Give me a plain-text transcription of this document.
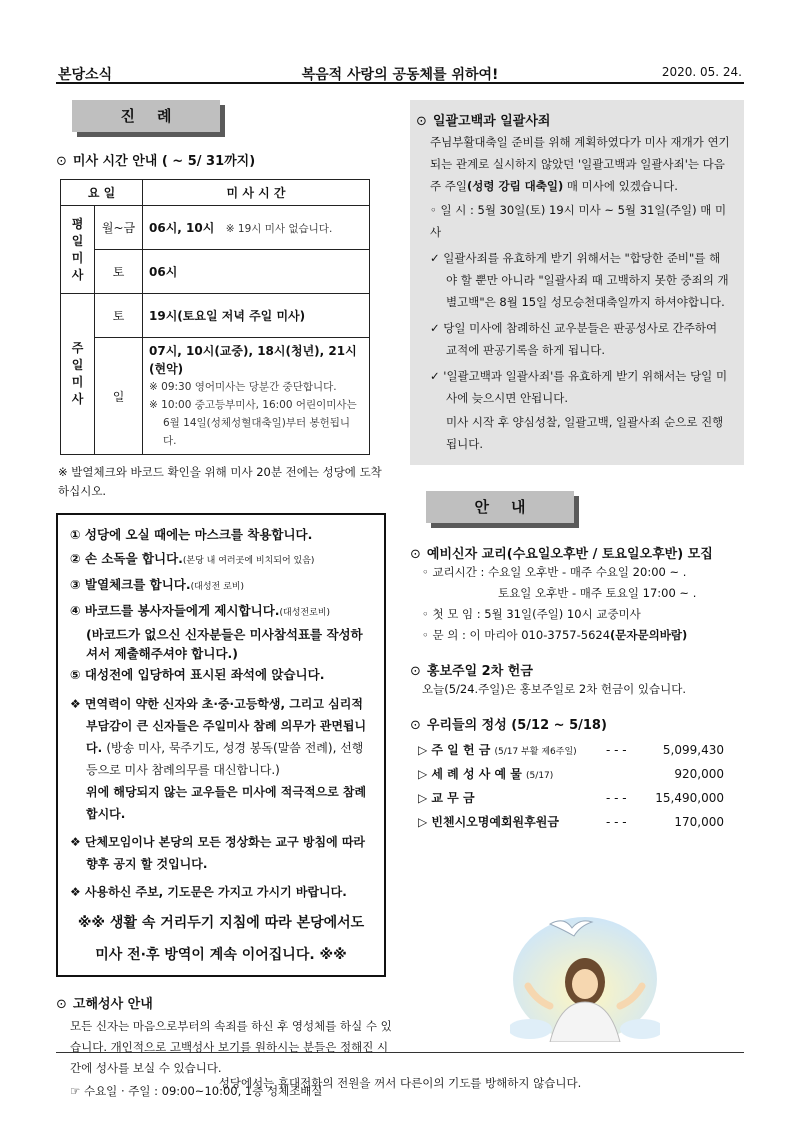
본당소식	복음적 사랑의 공동체를 위하여!	2020. 05. 24.
진례
⊙ 미사 시간 안내 ( ~ 5/ 31까지)
요 일		미 사 시 간
평일 미사	월~금	06시, 10시 ※ 19시 미사 없습니다.
	토	06시
주일 미사	토	19시(토요일 저녁 주일 미사)
	일	07시, 10시(교중), 18시(청년), 21시(현악)
※ 09:30 영어미사는 당분간 중단합니다.
※ 10:00 중고등부미사, 16:00 어린이미사는
6월 14일(성체성혈대축일)부터 봉헌됩니다.
※ 발열체크와 바코드 확인을 위해 미사 20분 전에는 성당에 도착 하십시오.
① 성당에 오실 때에는 마스크를 착용합니다.
② 손 소독을 합니다.(본당 내 여러곳에 비치되어 있음)
③ 발열체크를 합니다.(대성전 로비)
④ 바코드를 봉사자들에게 제시합니다.(대성전로비)
(바코드가 없으신 신자분들은 미사참석표를 작성하셔서 제출해주셔야 합니다.)
⑤ 대성전에 입당하여 표시된 좌석에 앉습니다.
❖ 면역력이 약한 신자와 초·중·고등학생, 그리고 심리적 부담감이 큰 신자들은 주일미사 참례 의무가 관면됩니다. (방송 미사, 묵주기도, 성경 봉독(말씀 전례), 선행 등으로 미사 참례의무를 대신합니다.)
위에 해당되지 않는 교우들은 미사에 적극적으로 참례합시다.
❖ 단체모임이나 본당의 모든 정상화는 교구 방침에 따라 향후 공지 할 것입니다.
❖ 사용하신 주보, 기도문은 가지고 가시기 바랍니다.
※※ 생활 속 거리두기 지침에 따라 본당에서도
미사 전·후 방역이 계속 이어집니다. ※※
⊙ 고해성사 안내
모든 신자는 마음으로부터의 속죄를 하신 후 영성체를 하실 수 있습니다. 개인적으로 고백성사 보기를 원하시는 분들은 정해진 시간에 성사를 보실 수 있습니다.
☞ 수요일 · 주일 : 09:00~10:00, 1층 성체조배실
⊙ 일괄고백과 일괄사죄
주님부활대축일 준비를 위해 계획하였다가 미사 재개가 연기되는 관계로 실시하지 않았던 '일괄고백과 일괄사죄'는 다음주 주일(성령 강림 대축일) 매 미사에 있겠습니다.
◦ 일 시 : 5월 30일(토) 19시 미사 ~ 5월 31일(주일) 매 미사
✓ 일괄사죄를 유효하게 받기 위해서는 "합당한 준비"를 해야 할 뿐만 아니라 "일괄사죄 때 고백하지 못한 중죄의 개별고백"은 8월 15일 성모승천대축일까지 하셔야합니다.
✓ 당일 미사에 참례하신 교우분들은 판공성사로 간주하여 교적에 판공기록을 하게 됩니다.
✓ '일괄고백과 일괄사죄'를 유효하게 받기 위해서는 당일 미사에 늦으시면 안됩니다.
미사 시작 후 양심성찰, 일괄고백, 일괄사죄 순으로 진행됩니다.
안내
⊙ 예비신자 교리(수요일오후반 / 토요일오후반) 모집
◦ 교리시간 : 수요일 오후반 - 매주 수요일 20:00 ~ .
토요일 오후반 - 매주 토요일 17:00 ~ .
◦ 첫 모 임 : 5월 31일(주일) 10시 교중미사
◦ 문 의 : 이 마리아 010-3757-5624(문자문의바람)
⊙ 홍보주일 2차 헌금
오늘(5/24.주일)은 홍보주일로 2차 헌금이 있습니다.
⊙ 우리들의 정성 (5/12 ~ 5/18)
▷ 주 일 헌 금 (5/17 부활 제6주일) - - -	5,099,430
▷ 세 례 성 사 예 물 (5/17)	920,000
▷ 교 무 금	- - - 15,490,000
▷ 빈첸시오명예회원후원금	- - -	170,000
성당에서는 휴대전화의 전원을 꺼서 다른이의 기도를 방해하지 않습니다.
